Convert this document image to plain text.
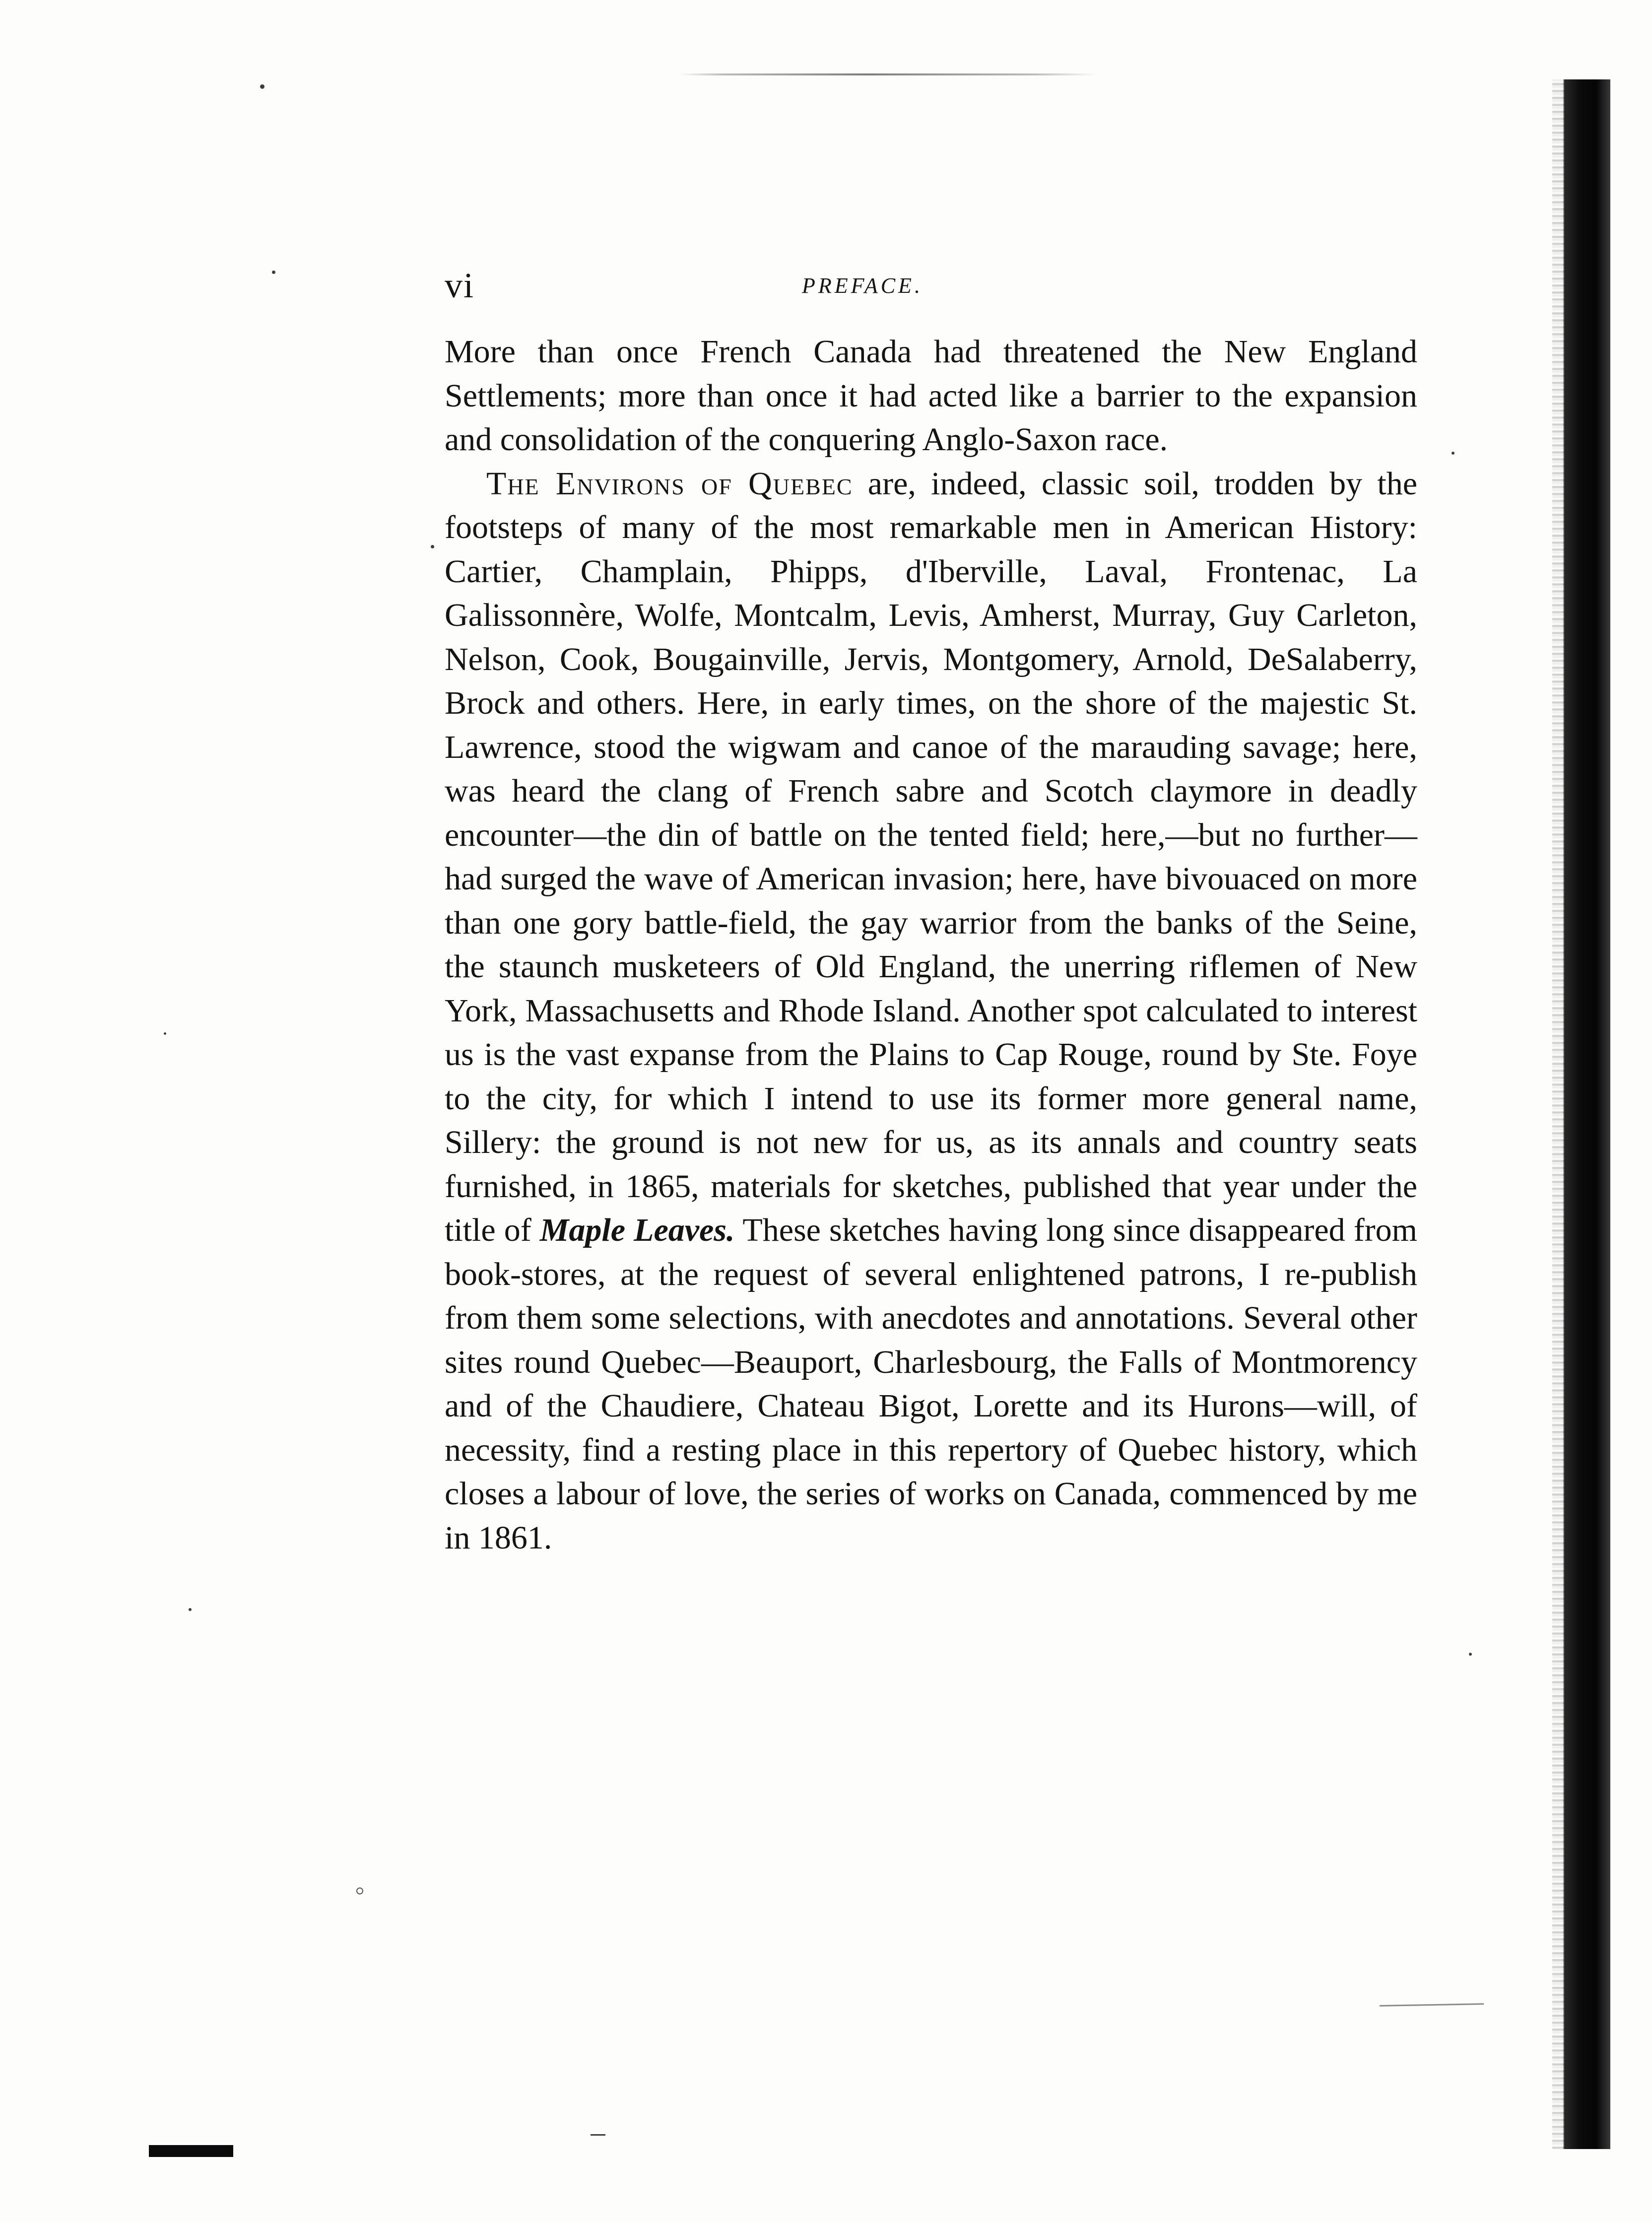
vi	PREFACE.

More than once French Canada had threatened the New England Settlements; more than once it had acted like a barrier to the expansion and consolidation of the conquering Anglo-Saxon race.

The Environs of Quebec are, indeed, classic soil, trodden by the footsteps of many of the most remarkable men in American History: Cartier, Champlain, Phipps, d'Iberville, Laval, Frontenac, La Galissonnère, Wolfe, Montcalm, Levis, Amherst, Murray, Guy Carleton, Nelson, Cook, Bougainville, Jervis, Montgomery, Arnold, DeSalaberry, Brock and others. Here, in early times, on the shore of the majestic St. Lawrence, stood the wigwam and canoe of the marauding savage; here, was heard the clang of French sabre and Scotch claymore in deadly encounter—the din of battle on the tented field; here,—but no further—had surged the wave of American invasion; here, have bivouaced on more than one gory battle-field, the gay warrior from the banks of the Seine, the staunch musketeers of Old England, the unerring riflemen of New York, Massachusetts and Rhode Island. Another spot calculated to interest us is the vast expanse from the Plains to Cap Rouge, round by Ste. Foye to the city, for which I intend to use its former more general name, Sillery: the ground is not new for us, as its annals and country seats furnished, in 1865, materials for sketches, published that year under the title of Maple Leaves. These sketches having long since disappeared from book-stores, at the request of several enlightened patrons, I re-publish from them some selections, with anecdotes and annotations. Several other sites round Quebec—Beauport, Charlesbourg, the Falls of Montmorency and of the Chaudiere, Chateau Bigot, Lorette and its Hurons—will, of necessity, find a resting place in this repertory of Quebec history, which closes a labour of love, the series of works on Canada, commenced by me in 1861.
